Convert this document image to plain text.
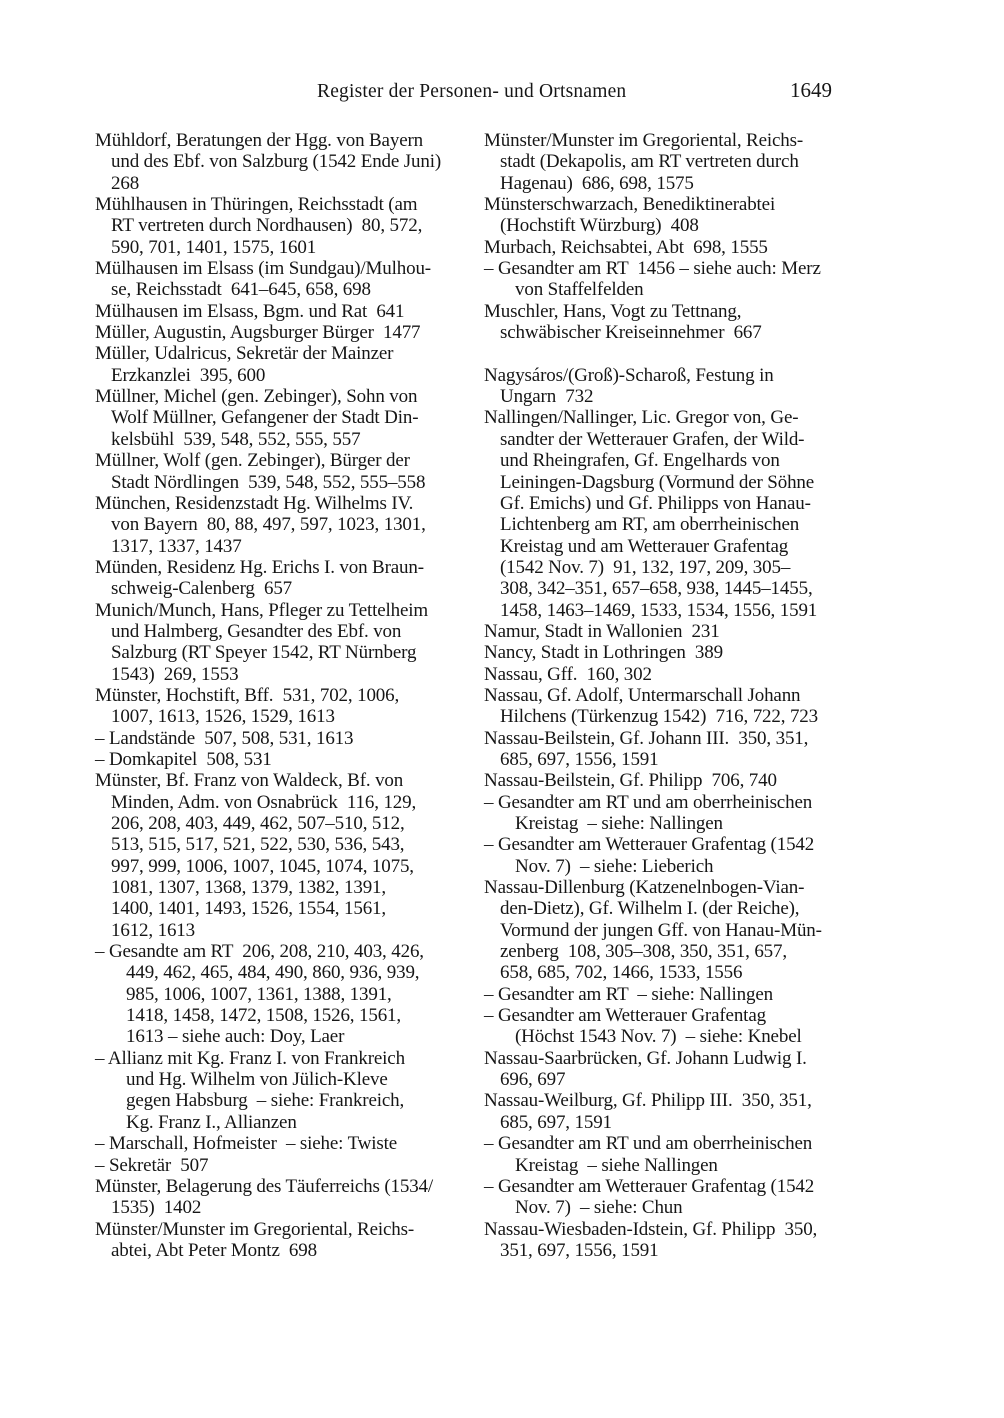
Register der Personen- und Ortsnamen	1649
Mühldorf, Beratungen der Hgg. von Bayern
und des Ebf. von Salzburg (1542 Ende Juni)
268
Mühlhausen in Thüringen, Reichsstadt (am
RT vertreten durch Nordhausen)  80, 572,
590, 701, 1401, 1575, 1601
Mülhausen im Elsass (im Sundgau)/Mulhou-
se, Reichsstadt  641–645, 658, 698
Mülhausen im Elsass, Bgm. und Rat  641
Müller, Augustin, Augsburger Bürger  1477
Müller, Udalricus, Sekretär der Mainzer
Erzkanzlei  395, 600
Müllner, Michel (gen. Zebinger), Sohn von
Wolf Müllner, Gefangener der Stadt Din-
kelsbühl  539, 548, 552, 555, 557
Müllner, Wolf (gen. Zebinger), Bürger der
Stadt Nördlingen  539, 548, 552, 555–558
München, Residenzstadt Hg. Wilhelms IV.
von Bayern  80, 88, 497, 597, 1023, 1301,
1317, 1337, 1437
Münden, Residenz Hg. Erichs I. von Braun-
schweig-Calenberg  657
Munich/Munch, Hans, Pfleger zu Tettelheim
und Halmberg, Gesandter des Ebf. von
Salzburg (RT Speyer 1542, RT Nürnberg
1543)  269, 1553
Münster, Hochstift, Bff.  531, 702, 1006,
1007, 1613, 1526, 1529, 1613
– Landstände  507, 508, 531, 1613
– Domkapitel  508, 531
Münster, Bf. Franz von Waldeck, Bf. von
Minden, Adm. von Osnabrück  116, 129,
206, 208, 403, 449, 462, 507–510, 512,
513, 515, 517, 521, 522, 530, 536, 543,
997, 999, 1006, 1007, 1045, 1074, 1075,
1081, 1307, 1368, 1379, 1382, 1391,
1400, 1401, 1493, 1526, 1554, 1561,
1612, 1613
– Gesandte am RT  206, 208, 210, 403, 426,
449, 462, 465, 484, 490, 860, 936, 939,
985, 1006, 1007, 1361, 1388, 1391,
1418, 1458, 1472, 1508, 1526, 1561,
1613 – siehe auch: Doy, Laer
– Allianz mit Kg. Franz I. von Frankreich
und Hg. Wilhelm von Jülich-Kleve
gegen Habsburg  – siehe: Frankreich,
Kg. Franz I., Allianzen
– Marschall, Hofmeister  – siehe: Twiste
– Sekretär  507
Münster, Belagerung des Täuferreichs (1534/
1535)  1402
Münster/Munster im Gregoriental, Reichs-
abtei, Abt Peter Montz  698
Münster/Munster im Gregoriental, Reichs-
stadt (Dekapolis, am RT vertreten durch
Hagenau)  686, 698, 1575
Münsterschwarzach, Benediktinerabtei
(Hochstift Würzburg)  408
Murbach, Reichsabtei, Abt  698, 1555
– Gesandter am RT  1456 – siehe auch: Merz
von Staffelfelden
Muschler, Hans, Vogt zu Tettnang,
schwäbischer Kreiseinnehmer  667
Nagysáros/(Groß)-Scharoß, Festung in
Ungarn  732
Nallingen/Nallinger, Lic. Gregor von, Ge-
sandter der Wetterauer Grafen, der Wild-
und Rheingrafen, Gf. Engelhards von
Leiningen-Dagsburg (Vormund der Söhne
Gf. Emichs) und Gf. Philipps von Hanau-
Lichtenberg am RT, am oberrheinischen
Kreistag und am Wetterauer Grafentag
(1542 Nov. 7)  91, 132, 197, 209, 305–
308, 342–351, 657–658, 938, 1445–1455,
1458, 1463–1469, 1533, 1534, 1556, 1591
Namur, Stadt in Wallonien  231
Nancy, Stadt in Lothringen  389
Nassau, Gff.  160, 302
Nassau, Gf. Adolf, Untermarschall Johann
Hilchens (Türkenzug 1542)  716, 722, 723
Nassau-Beilstein, Gf. Johann III.  350, 351,
685, 697, 1556, 1591
Nassau-Beilstein, Gf. Philipp  706, 740
– Gesandter am RT und am oberrheinischen
Kreistag  – siehe: Nallingen
– Gesandter am Wetterauer Grafentag (1542
Nov. 7)  – siehe: Lieberich
Nassau-Dillenburg (Katzenelnbogen-Vian-
den-Dietz), Gf. Wilhelm I. (der Reiche),
Vormund der jungen Gff. von Hanau-Mün-
zenberg  108, 305–308, 350, 351, 657,
658, 685, 702, 1466, 1533, 1556
– Gesandter am RT  – siehe: Nallingen
– Gesandter am Wetterauer Grafentag
(Höchst 1543 Nov. 7)  – siehe: Knebel
Nassau-Saarbrücken, Gf. Johann Ludwig I.
696, 697
Nassau-Weilburg, Gf. Philipp III.  350, 351,
685, 697, 1591
– Gesandter am RT und am oberrheinischen
Kreistag  – siehe Nallingen
– Gesandter am Wetterauer Grafentag (1542
Nov. 7)  – siehe: Chun
Nassau-Wiesbaden-Idstein, Gf. Philipp  350,
351, 697, 1556, 1591
